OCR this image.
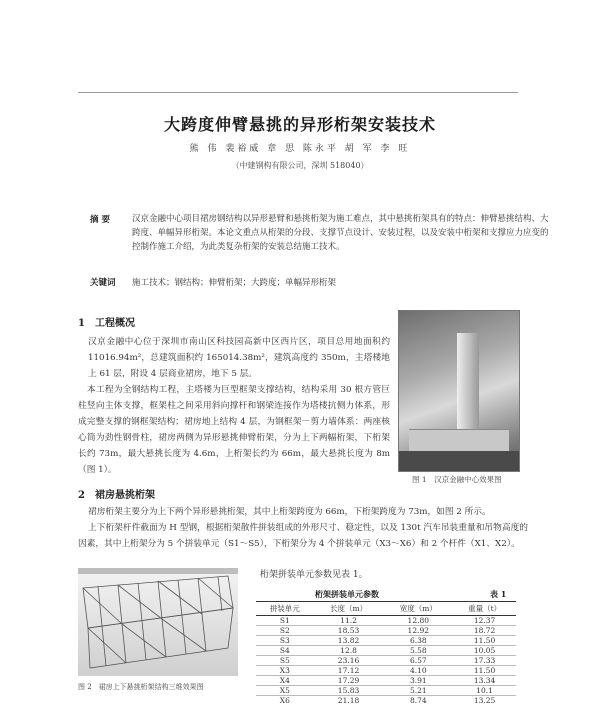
大跨度伸臂悬挑的异形桁架安装技术
熊 伟 裴裕威 章 思 陈永平 胡 军 李 旺
（中建钢构有限公司，深圳 518040）
摘 要	汉京金融中心项目裙房钢结构以异形悬臂和悬挑桁架为施工难点，其中悬挑桁架具有的特点：伸臂悬挑结构、大跨度、单幅异形桁架。本论文重点从桁架的分段、支撑节点设计、安装过程，以及安装中桁架和支撑应力应变的控制作施工介绍，为此类复杂桁架的安装总结施工技术。
关键词 施工技术；钢结构；伸臂桁架；大跨度；单幅异形桁架
1　工程概况
汉京金融中心位于深圳市南山区科技园高新中区西片区，项目总用地面积约 11016.94m²，总建筑面积约 165014.38m²，建筑高度约 350m，主塔楼地上 61 层，附设 4 层商业裙房，地下 5 层。
本工程为全钢结构工程，主塔楼为巨型框架支撑结构，结构采用 30 根方管巨柱竖向主体支撑，框架柱之间采用斜向撑杆和钢梁连接作为塔楼抗侧力体系，形成完整支撑的钢框架结构；裙房地上结构 4 层，为钢框架－剪力墙体系：两座核心筒为劲性钢骨柱，裙房两侧为异形悬挑伸臂桁架，分为上下两幅桁架，下桁架长约 73m，最大悬挑长度为 4.6m，上桁架长约为 66m，最大悬挑长度为 8m（图 1）。
图 1　汉京金融中心效果图
2　裙房悬挑桁架
裙房桁架主要分为上下两个异形悬挑桁架，其中上桁架跨度为 66m，下桁架跨度为 73m，如图 2 所示。
上下桁架杆件截面为 H 型钢，根据桁架散件拼装组成的外形尺寸、稳定性，以及 130t 汽车吊装重量和吊物高度的因素，其中上桁架分为 5 个拼装单元（S1～S5），下桁架分为 4 个拼装单元（X3～X6）和 2 个杆件（X1、X2）。
图 2　裙房上下悬挑桁架结构三维效果图
桁架拼装单元参数见表 1。
桁架拼装单元参数	表 1
拼装单元	长度（m）	宽度（m）	重量（t）
S1	11.2	12.80	12.37
S2	18.53	12.92	18.72
S3	13.82	6.38	11.50
S4	12.8	5.58	10.05
S5	23.16	6.57	17.33
X3	17.12	4.10	11.50
X4	17.29	3.91	13.34
X5	15.83	5.21	10.1
X6	21.18	8.74	13.25
